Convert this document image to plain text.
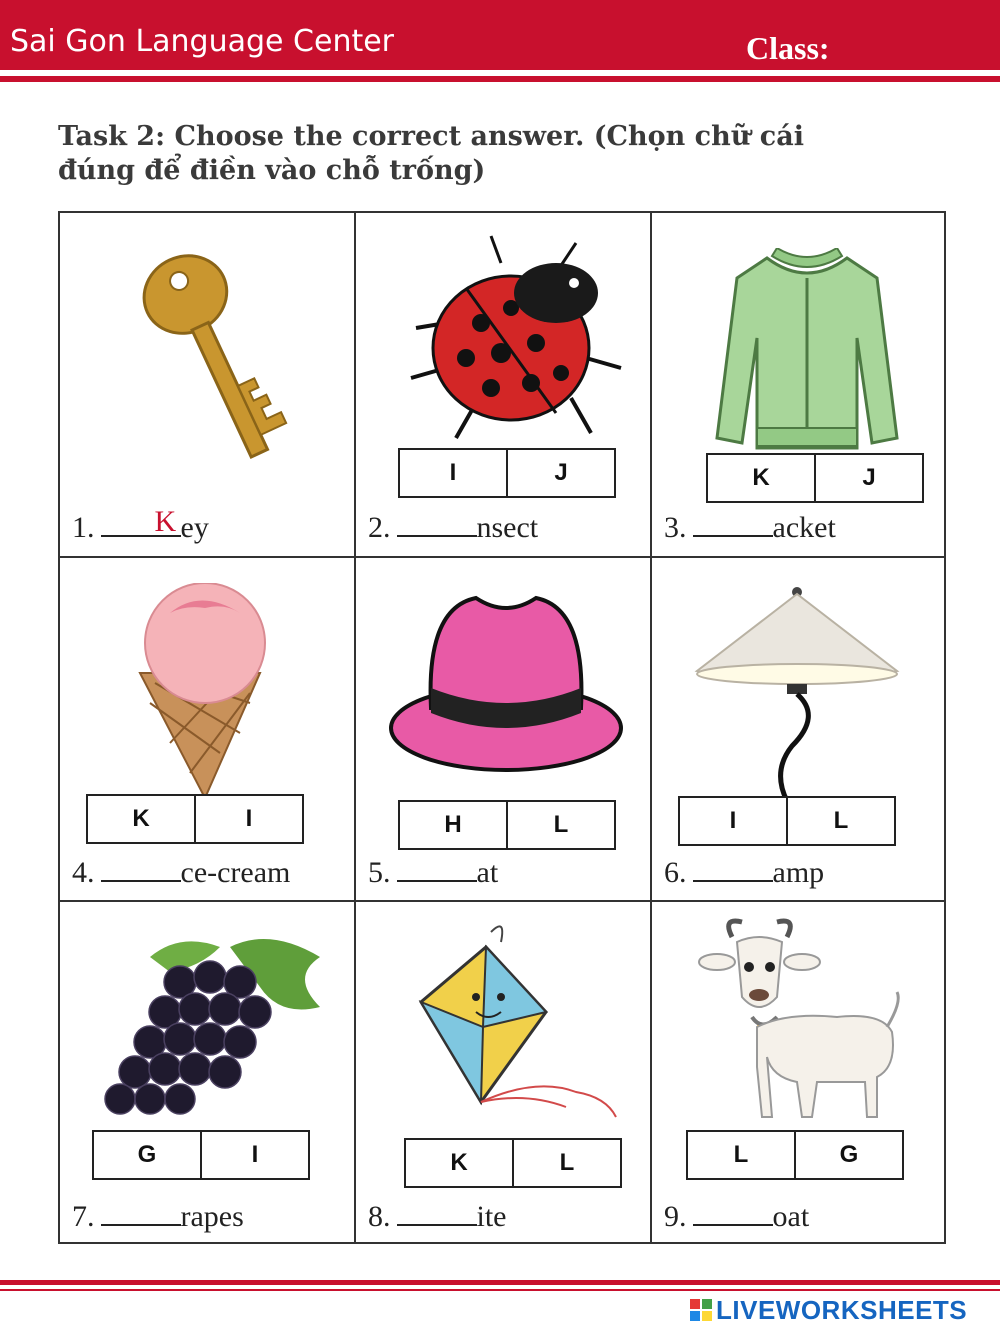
Sai Gon Language Center	Class:
Task 2: Choose the correct answer. (Chọn chữ cái
đúng để điền vào chỗ trống)
1. K ey
I	J
2.	nsect
K	J
3.	acket
K	I
4.	ce-cream
H	L
5.	at
I	L
6.	amp
G	I
7.	rapes
K	L
8.	ite
L	G
9.	oat
LIVEWORKSHEETS
